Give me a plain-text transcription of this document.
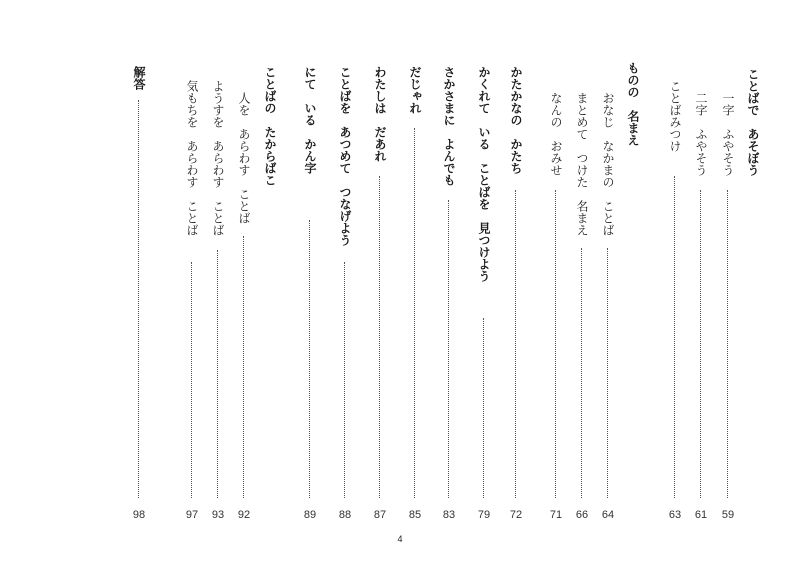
ことばで　あそぼう
一字　ふやそう
59
二字　ふやそう
61
ことばみつけ
63
ものの　名まえ
おなじ　なかまの　ことば
64
まとめて　つけた　名まえ
66
なんの　おみせ
71
かたかなの　かたち
72
かくれて　いる　ことばを　見つけよう
79
さかさまに　よんでも
83
だじゃれ
85
わたしは　だあれ
87
ことばを　あつめて　つなげよう
88
にて　いる　かん字
89
ことばの　たからばこ
人を　あらわす　ことば
92
ようすを　あらわす　ことば
93
気もちを　あらわす　ことば
97
解答
98
4
